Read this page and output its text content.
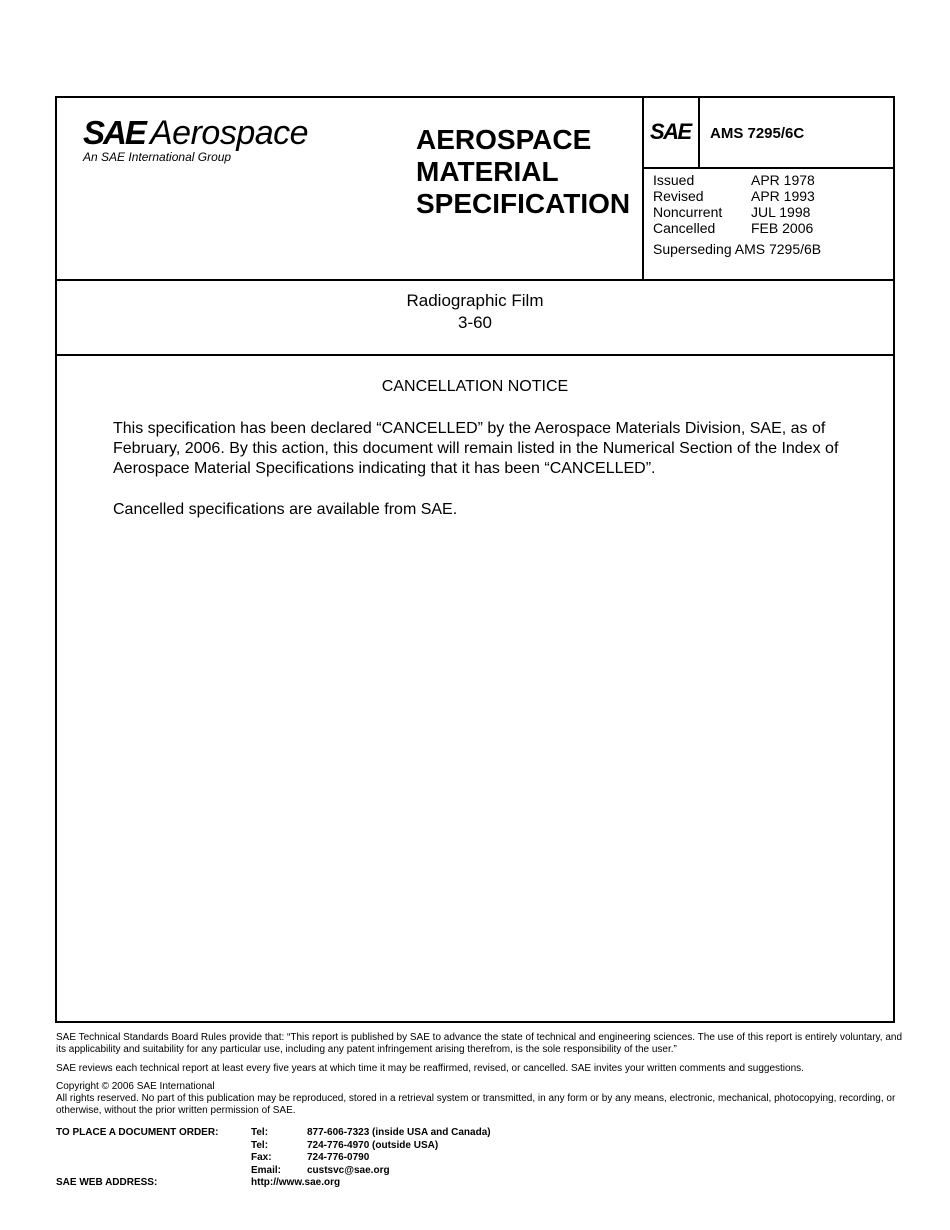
SAE Aerospace
An SAE International Group
AEROSPACE
MATERIAL
SPECIFICATION
SAE AMS 7295/6C
Issued	APR 1978
Revised	APR 1993
Noncurrent JUL 1998
Cancelled	FEB 2006
Superseding AMS 7295/6B
Radiographic Film
3-60
CANCELLATION NOTICE
This specification has been declared “CANCELLED” by the Aerospace Materials Division, SAE, as of February, 2006. By this action, this document will remain listed in the Numerical Section of the Index of Aerospace Material Specifications indicating that it has been “CANCELLED”.
Cancelled specifications are available from SAE.

SAE Technical Standards Board Rules provide that: “This report is published by SAE to advance the state of technical and engineering sciences. The use of this report is entirely voluntary, and its applicability and suitability for any particular use, including any patent infringement arising therefrom, is the sole responsibility of the user.”

SAE reviews each technical report at least every five years at which time it may be reaffirmed, revised, or cancelled. SAE invites your written comments and suggestions.

Copyright © 2006 SAE International

All rights reserved. No part of this publication may be reproduced, stored in a retrieval system or transmitted, in any form or by any means, electronic, mechanical, photocopying, recording, or otherwise, without the prior written permission of SAE.

TO PLACE A DOCUMENT ORDER:	Tel:	877-606-7323 (inside USA and Canada)
Tel:	724-776-4970 (outside USA)
Fax:	724-776-0790
Email:	custsvc@sae.org
SAE WEB ADDRESS:	http://www.sae.org
